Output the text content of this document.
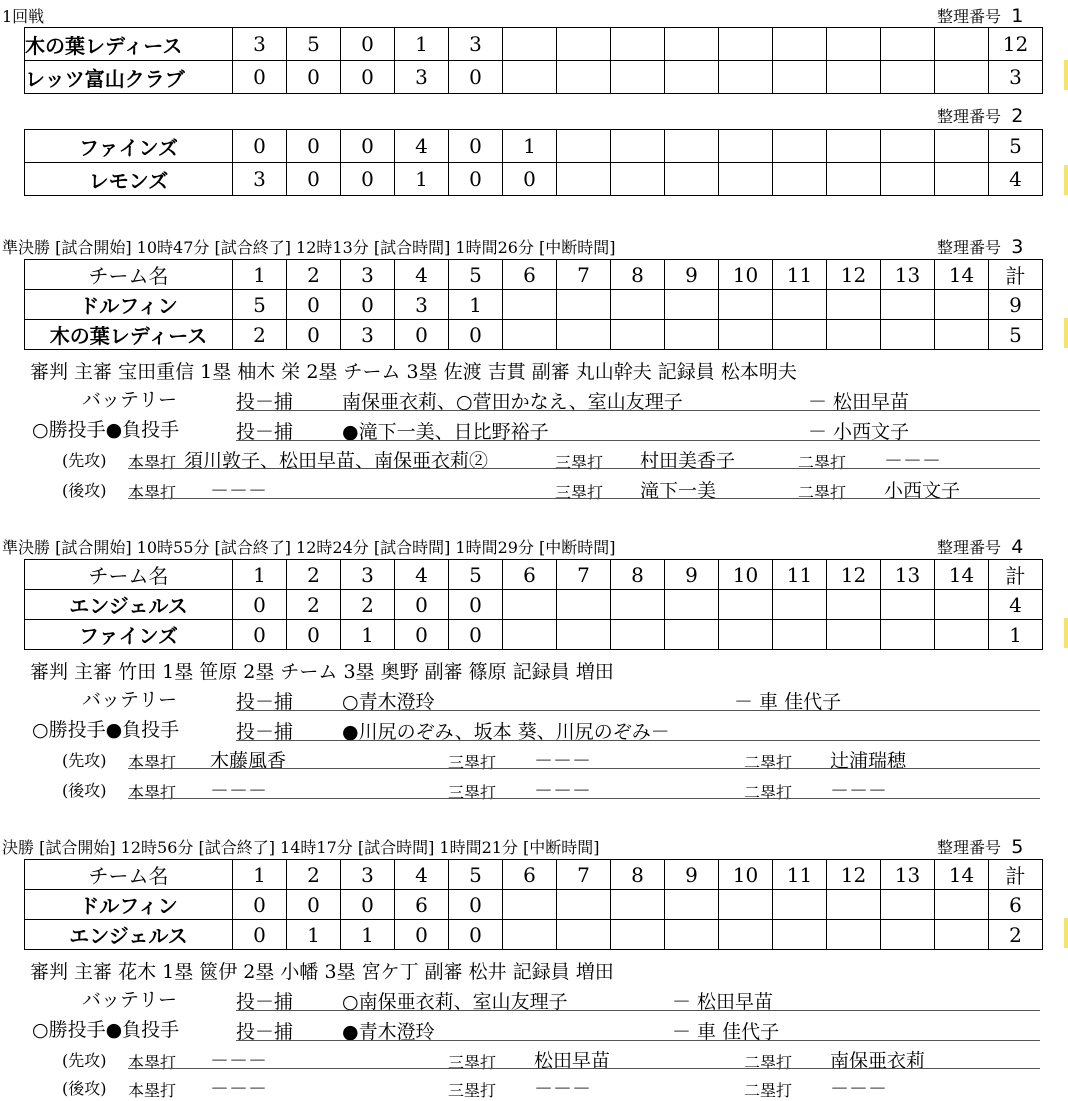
1回戦	整理番号 1
木の葉レディース	3	5	0	1	3										12
レッツ富山クラブ	0	0	0	3	0										3
整理番号 2
ファインズ	0	0	0	4	0	1									5
レモンズ	3	0	0	1	0	0									4
準決勝 [試合開始] 10時47分 [試合終了] 12時13分 [試合時間] 1時間26分 [中断時間]	整理番号 3
チーム名	1	2	3	4	5	6	7	8	9	10	11	12	13	14	計
ドルフィン	5	0	0	3	1										9
木の葉レディース	2	0	3	0	0										5
審判 主審 宝田重信 1塁 柚木 栄 2塁 チーム 3塁 佐渡 吉貫 副審 丸山幹夫 記録員 松本明夫
バッテリー	投－捕	南保亜衣莉、○菅田かなえ、室山友理子	－ 松田早苗
○勝投手●負投手	投－捕	●滝下一美、日比野裕子	－ 小西文子
(先攻) 本塁打 須川敦子、松田早苗、南保亜衣莉②	三塁打 村田美香子	二塁打 －－－
(後攻) 本塁打 －－－	三塁打 滝下一美	二塁打 小西文子
準決勝 [試合開始] 10時55分 [試合終了] 12時24分 [試合時間] 1時間29分 [中断時間]	整理番号 4
チーム名	1	2	3	4	5	6	7	8	9	10	11	12	13	14	計
エンジェルス	0	2	2	0	0										4
ファインズ	0	0	1	0	0										1
審判 主審 竹田 1塁 笹原 2塁 チーム 3塁 奥野 副審 篠原 記録員 増田
バッテリー	投－捕	○青木澄玲	－ 車 佳代子
○勝投手●負投手	投－捕	●川尻のぞみ、坂本 葵、川尻のぞみ－
(先攻) 本塁打 木藤風香	三塁打 －－－	二塁打 辻浦瑞穂
(後攻) 本塁打 －－－	三塁打 －－－	二塁打 －－－
決勝 [試合開始] 12時56分 [試合終了] 14時17分 [試合時間] 1時間21分 [中断時間]	整理番号 5
チーム名	1	2	3	4	5	6	7	8	9	10	11	12	13	14	計
ドルフィン	0	0	0	6	0										6
エンジェルス	0	1	1	0	0										2
審判 主審 花木 1塁 篋伊 2塁 小幡 3塁 宮ケ丁 副審 松井 記録員 増田
バッテリー	投－捕	○南保亜衣莉、室山友理子	－ 松田早苗
○勝投手●負投手	投－捕	●青木澄玲	－ 車 佳代子
(先攻) 本塁打 －－－	三塁打 松田早苗	二塁打 南保亜衣莉
(後攻) 本塁打 －－－	三塁打 －－－	二塁打 －－－
